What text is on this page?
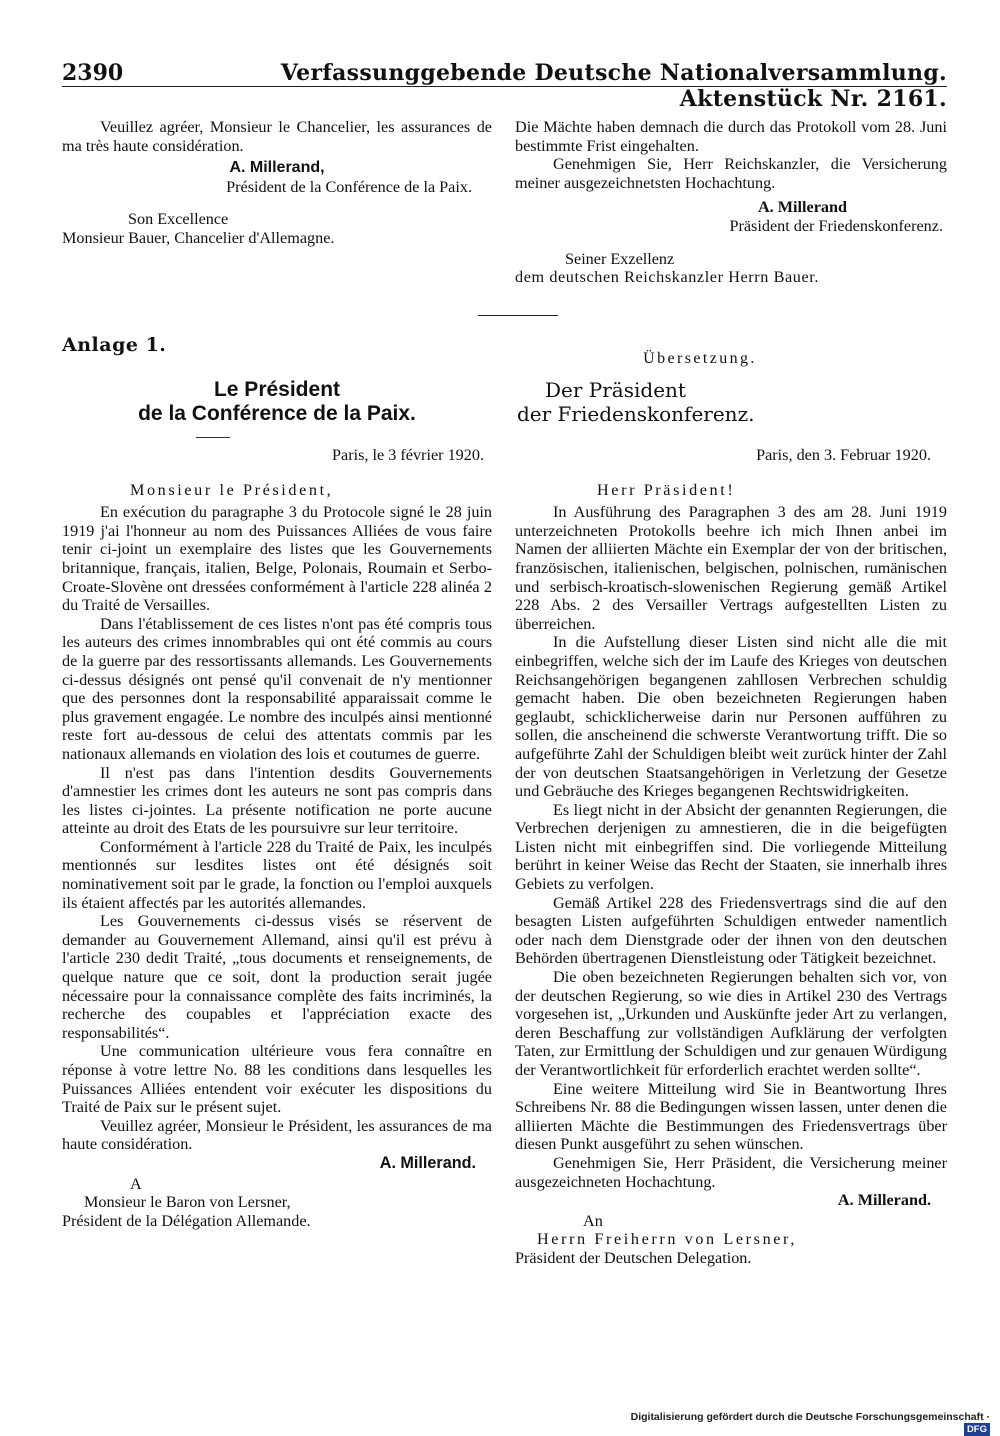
2390	Verfassunggebende Deutsche Nationalversammlung. Aktenstück Nr. 2161.

Veuillez agréer, Monsieur le Chancelier, les assurances de ma très haute considération.

A. Millerand,

Président de la Conférence de la Paix.

Son Excellence

Monsieur Bauer, Chancelier d'Allemagne.

Die Mächte haben demnach die durch das Protokoll vom 28. Juni bestimmte Frist eingehalten.

Genehmigen Sie, Herr Reichskanzler, die Versicherung meiner ausgezeichnetsten Hochachtung.

A. Millerand

Präsident der Friedenskonferenz.

Seiner Exzellenz

dem deutschen Reichskanzler Herrn Bauer.

Anlage 1.
Übersetzung.
Le Président
de la Conférence de la Paix.
Der Präsident
der Friedenskonferenz.

Paris, le 3 février 1920.

Monsieur le Président,

En exécution du paragraphe 3 du Protocole signé le 28 juin 1919 j'ai l'honneur au nom des Puissances Alliées de vous faire tenir ci-joint un exemplaire des listes que les Gouvernements britannique, français, italien, Belge, Polonais, Roumain et Serbo-Croate-Slovène ont dressées conformément à l'article 228 alinéa 2 du Traité de Versailles.

Dans l'établissement de ces listes n'ont pas été compris tous les auteurs des crimes innombrables qui ont été commis au cours de la guerre par des ressortissants allemands. Les Gouvernements ci-dessus désignés ont pensé qu'il convenait de n'y mentionner que des personnes dont la responsabilité apparaissait comme le plus gravement engagée. Le nombre des inculpés ainsi mentionné reste fort au-dessous de celui des attentats commis par les nationaux allemands en violation des lois et coutumes de guerre.

Il n'est pas dans l'intention desdits Gouvernements d'amnestier les crimes dont les auteurs ne sont pas compris dans les listes ci-jointes. La présente notification ne porte aucune atteinte au droit des Etats de les poursuivre sur leur territoire.

Conformément à l'article 228 du Traité de Paix, les inculpés mentionnés sur lesdites listes ont été désignés soit nominativement soit par le grade, la fonction ou l'emploi auxquels ils étaient affectés par les autorités allemandes.

Les Gouvernements ci-dessus visés se réservent de demander au Gouvernement Allemand, ainsi qu'il est prévu à l'article 230 dedit Traité, „tous documents et renseignements, de quelque nature que ce soit, dont la production serait jugée nécessaire pour la connaissance complète des faits incriminés, la recherche des coupables et l'appréciation exacte des responsabilités“.

Une communication ultérieure vous fera connaître en réponse à votre lettre No. 88 les conditions dans lesquelles les Puissances Alliées entendent voir exécuter les dispositions du Traité de Paix sur le présent sujet.

Veuillez agréer, Monsieur le Président, les assurances de ma haute considération.

A. Millerand.

A

Monsieur le Baron von Lersner,

Président de la Délégation Allemande.

Paris, den 3. Februar 1920.

Herr Präsident!

In Ausführung des Paragraphen 3 des am 28. Juni 1919 unterzeichneten Protokolls beehre ich mich Ihnen anbei im Namen der alliierten Mächte ein Exemplar der von der britischen, französischen, italienischen, belgischen, polnischen, rumänischen und serbisch-kroatisch-slowenischen Regierung gemäß Artikel 228 Abs. 2 des Versailler Vertrags aufgestellten Listen zu überreichen.

In die Aufstellung dieser Listen sind nicht alle die mit einbegriffen, welche sich der im Laufe des Krieges von deutschen Reichsangehörigen begangenen zahllosen Verbrechen schuldig gemacht haben. Die oben bezeichneten Regierungen haben geglaubt, schicklicherweise darin nur Personen aufführen zu sollen, die anscheinend die schwerste Verantwortung trifft. Die so aufgeführte Zahl der Schuldigen bleibt weit zurück hinter der Zahl der von deutschen Staatsangehörigen in Verletzung der Gesetze und Gebräuche des Krieges begangenen Rechtswidrigkeiten.

Es liegt nicht in der Absicht der genannten Regierungen, die Verbrechen derjenigen zu amnestieren, die in die beigefügten Listen nicht mit einbegriffen sind. Die vorliegende Mitteilung berührt in keiner Weise das Recht der Staaten, sie innerhalb ihres Gebiets zu verfolgen.

Gemäß Artikel 228 des Friedensvertrags sind die auf den besagten Listen aufgeführten Schuldigen entweder namentlich oder nach dem Dienstgrade oder der ihnen von den deutschen Behörden übertragenen Dienstleistung oder Tätigkeit bezeichnet.

Die oben bezeichneten Regierungen behalten sich vor, von der deutschen Regierung, so wie dies in Artikel 230 des Vertrags vorgesehen ist, „Urkunden und Auskünfte jeder Art zu verlangen, deren Beschaffung zur vollständigen Aufklärung der verfolgten Taten, zur Ermittlung der Schuldigen und zur genauen Würdigung der Verantwortlichkeit für erforderlich erachtet werden sollte“.

Eine weitere Mitteilung wird Sie in Beantwortung Ihres Schreibens Nr. 88 die Bedingungen wissen lassen, unter denen die alliierten Mächte die Bestimmungen des Friedensvertrags über diesen Punkt ausgeführt zu sehen wünschen.

Genehmigen Sie, Herr Präsident, die Versicherung meiner ausgezeichneten Hochachtung.

A. Millerand.

An

Herrn Freiherrn von Lersner,

Präsident der Deutschen Delegation.

Digitalisierung gefördert durch die Deutsche Forschungsgemeinschaft · DFG
